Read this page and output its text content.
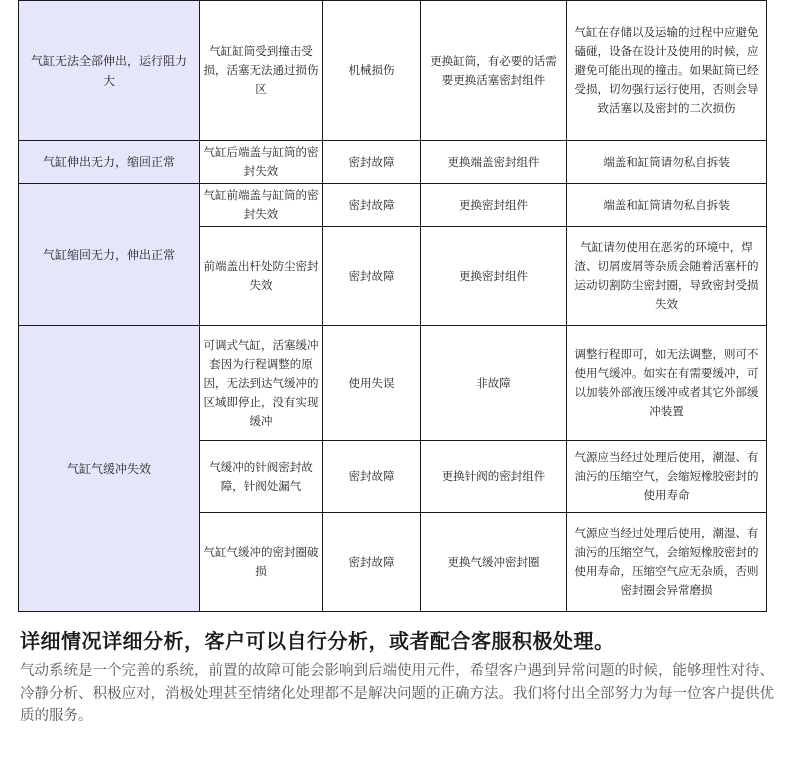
气缸无法全部伸出，运行阻力大	气缸缸筒受到撞击受损，活塞无法通过损伤区	机械损伤	更换缸筒，有必要的话需要更换活塞密封组件	气缸在存储以及运输的过程中应避免磕碰，设备在设计及使用的时候，应避免可能出现的撞击。如果缸筒已经受损，切勿强行运行使用，否则会导致活塞以及密封的二次损伤
气缸伸出无力，缩回正常	气缸后端盖与缸筒的密封失效	密封故障	更换端盖密封组件	端盖和缸筒请勿私自拆装
气缸缩回无力，伸出正常	气缸前端盖与缸筒的密封失效	密封故障	更换密封组件	端盖和缸筒请勿私自拆装
	前端盖出杆处防尘密封失效	密封故障	更换密封组件	气缸请勿使用在恶劣的环境中，焊渣、切屑废屑等杂质会随着活塞杆的运动切割防尘密封圈，导致密封受损失效
气缸气缓冲失效	可调式气缸，活塞缓冲套因为行程调整的原因，无法到达气缓冲的区域即停止，没有实现缓冲	使用失误	非故障	调整行程即可，如无法调整，则可不使用气缓冲。如实在有需要缓冲，可以加装外部液压缓冲或者其它外部缓冲装置
	气缓冲的针阀密封故障，针阀处漏气	密封故障	更换针阀的密封组件	气源应当经过处理后使用，潮湿、有油污的压缩空气，会缩短橡胶密封的使用寿命
	气缸气缓冲的密封圈破损	密封故障	更换气缓冲密封圈	气源应当经过处理后使用，潮湿、有油污的压缩空气，会缩短橡胶密封的使用寿命，压缩空气应无杂质，否则密封圈会异常磨损
详细情况详细分析，客户可以自行分析，或者配合客服积极处理。

气动系统是一个完善的系统，前置的故障可能会影响到后端使用元件，希望客户遇到异常问题的时候，能够理性对待、冷静分析、积极应对，消极处理甚至情绪化处理都不是解决问题的正确方法。我们将付出全部努力为每一位客户提供优质的服务。
